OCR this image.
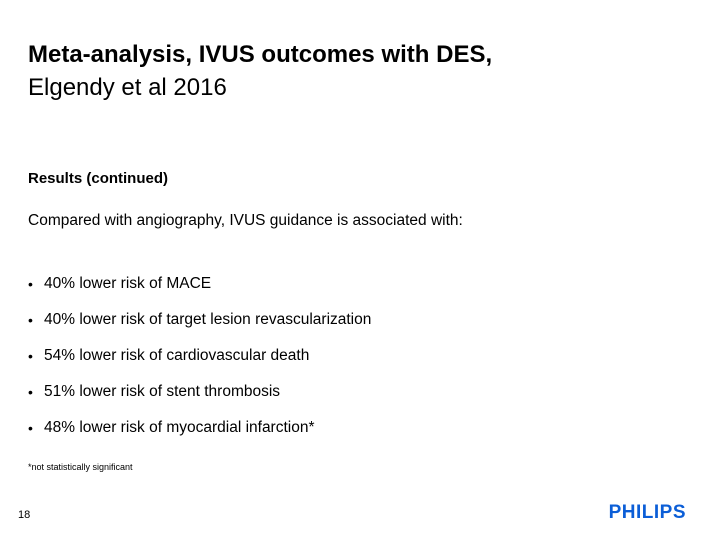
Meta-analysis, IVUS outcomes with DES,
Elgendy et al 2016
Results (continued)
Compared with angiography, IVUS guidance is associated with:
• 40% lower risk of MACE
• 40% lower risk of target lesion revascularization
• 54% lower risk of cardiovascular death
• 51% lower risk of stent thrombosis
• 48% lower risk of myocardial infarction*
*not statistically significant
18	PHILIPS
